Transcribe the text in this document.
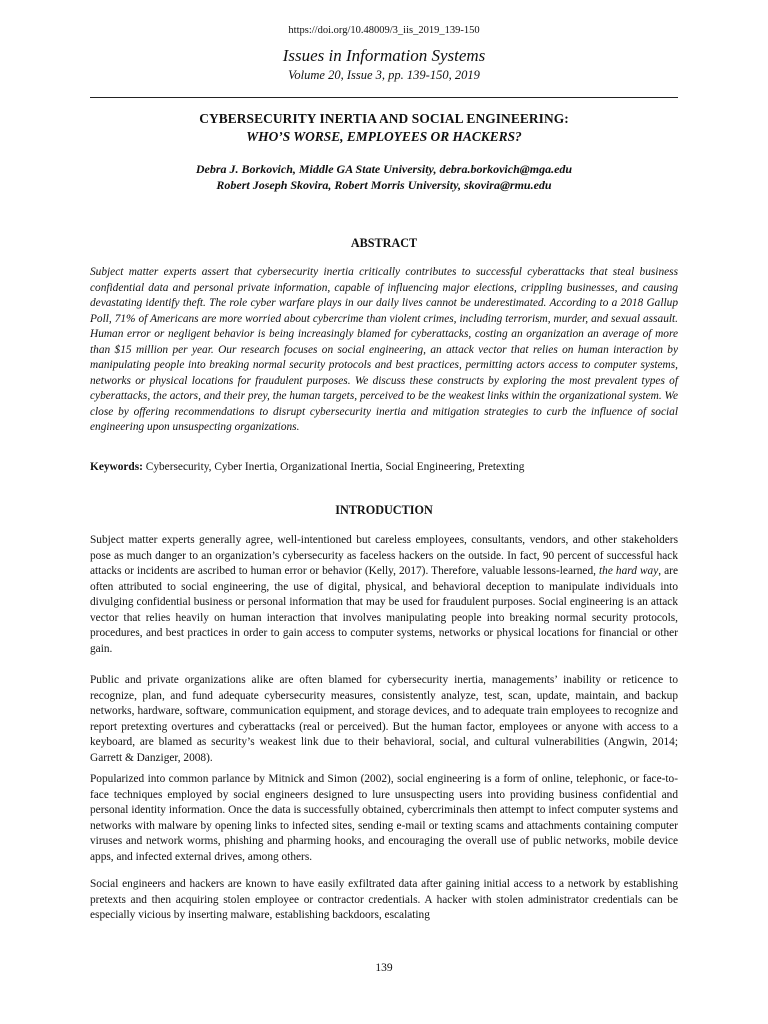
https://doi.org/10.48009/3_iis_2019_139-150
Issues in Information Systems
Volume 20, Issue 3, pp. 139-150, 2019
CYBERSECURITY INERTIA AND SOCIAL ENGINEERING:
WHO’S WORSE, EMPLOYEES OR HACKERS?
Debra J. Borkovich, Middle GA State University, debra.borkovich@mga.edu
Robert Joseph Skovira, Robert Morris University, skovira@rmu.edu
ABSTRACT

Subject matter experts assert that cybersecurity inertia critically contributes to successful cyberattacks that steal business confidential data and personal private information, capable of influencing major elections, crippling businesses, and causing devastating identify theft. The role cyber warfare plays in our daily lives cannot be underestimated. According to a 2018 Gallup Poll, 71% of Americans are more worried about cybercrime than violent crimes, including terrorism, murder, and sexual assault. Human error or negligent behavior is being increasingly blamed for cyberattacks, costing an organization an average of more than $15 million per year. Our research focuses on social engineering, an attack vector that relies on human interaction by manipulating people into breaking normal security protocols and best practices, permitting actors access to computer systems, networks or physical locations for fraudulent purposes. We discuss these constructs by exploring the most prevalent types of cyberattacks, the actors, and their prey, the human targets, perceived to be the weakest links within the organizational system. We close by offering recommendations to disrupt cybersecurity inertia and mitigation strategies to curb the influence of social engineering upon unsuspecting organizations.

Keywords: Cybersecurity, Cyber Inertia, Organizational Inertia, Social Engineering, Pretexting

INTRODUCTION

Subject matter experts generally agree, well-intentioned but careless employees, consultants, vendors, and other stakeholders pose as much danger to an organization’s cybersecurity as faceless hackers on the outside. In fact, 90 percent of successful hack attacks or incidents are ascribed to human error or behavior (Kelly, 2017). Therefore, valuable lessons-learned, the hard way, are often attributed to social engineering, the use of digital, physical, and behavioral deception to manipulate individuals into divulging confidential business or personal information that may be used for fraudulent purposes. Social engineering is an attack vector that relies heavily on human interaction that involves manipulating people into breaking normal security protocols, procedures, and best practices in order to gain access to computer systems, networks or physical locations for financial or other gain.

Public and private organizations alike are often blamed for cybersecurity inertia, managements’ inability or reticence to recognize, plan, and fund adequate cybersecurity measures, consistently analyze, test, scan, update, maintain, and backup networks, hardware, software, communication equipment, and storage devices, and to adequate train employees to recognize and report pretexting overtures and cyberattacks (real or perceived). But the human factor, employees or anyone with access to a keyboard, are blamed as security’s weakest link due to their behavioral, social, and cultural vulnerabilities (Angwin, 2014; Garrett & Danziger, 2008).

Popularized into common parlance by Mitnick and Simon (2002), social engineering is a form of online, telephonic, or face-to-face techniques employed by social engineers designed to lure unsuspecting users into providing business confidential and personal identity information. Once the data is successfully obtained, cybercriminals then attempt to infect computer systems and networks with malware by opening links to infected sites, sending e-mail or texting scams and attachments containing computer viruses and network worms, phishing and pharming hooks, and encouraging the overall use of public networks, mobile device apps, and infected external drives, among others.

Social engineers and hackers are known to have easily exfiltrated data after gaining initial access to a network by establishing pretexts and then acquiring stolen employee or contractor credentials. A hacker with stolen administrator credentials can be especially vicious by inserting malware, establishing backdoors, escalating

139
